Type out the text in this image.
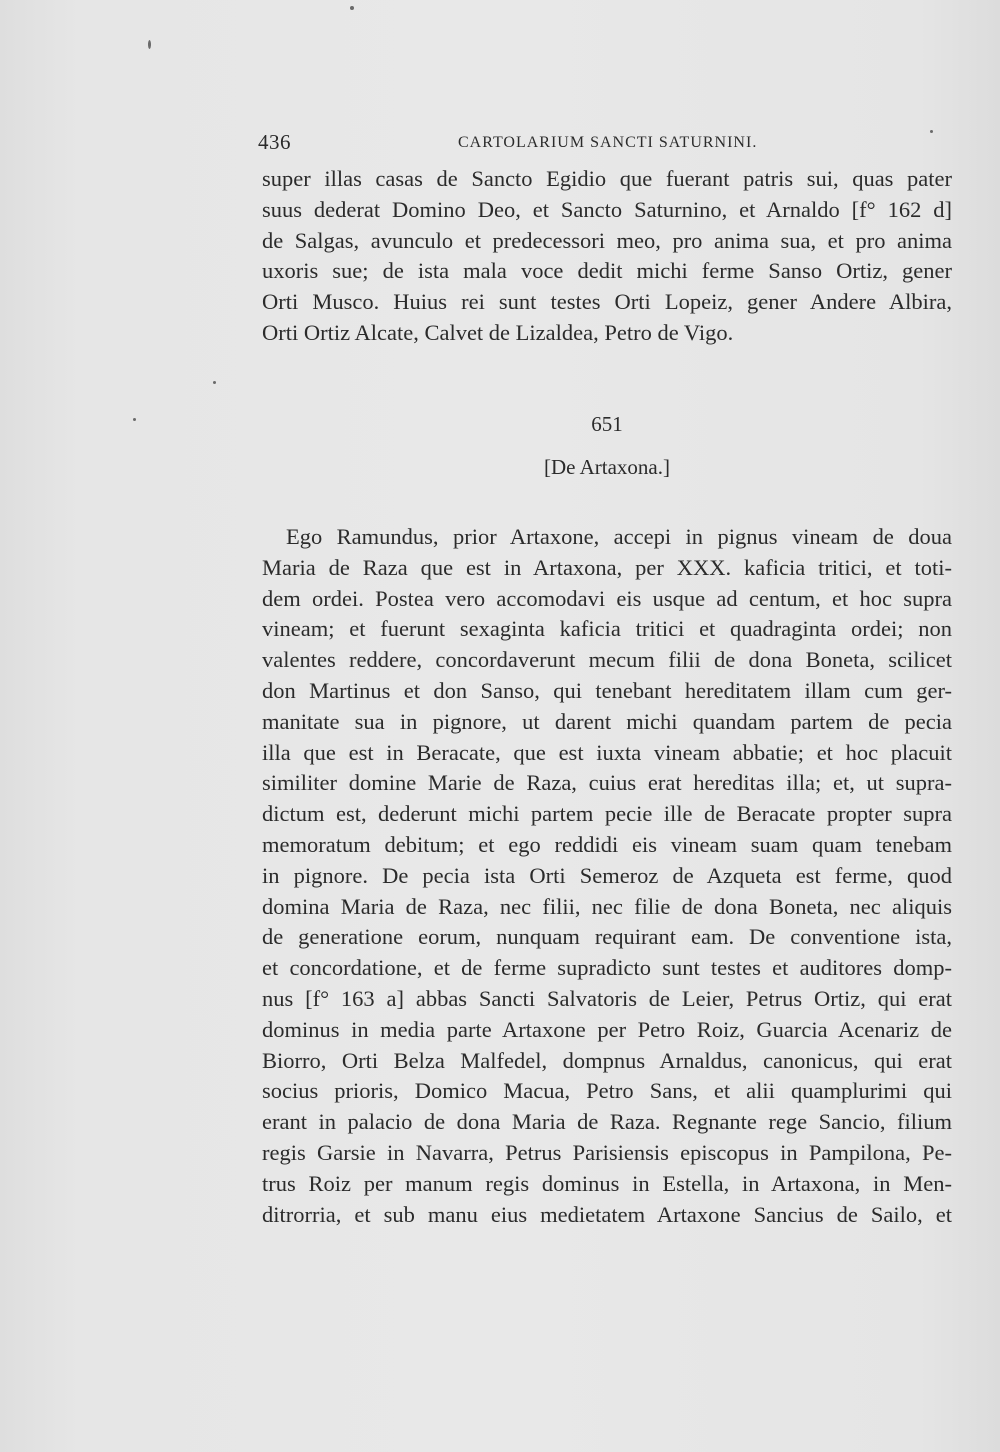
436	CARTOLARIUM SANCTI SATURNINI.
super illas casas de Sancto Egidio que fuerant patris sui, quas pater
suus dederat Domino Deo, et Sancto Saturnino, et Arnaldo [f° 162 d]
de Salgas, avunculo et predecessori meo, pro anima sua, et pro anima
uxoris sue; de ista mala voce dedit michi ferme Sanso Ortiz, gener
Orti Musco. Huius rei sunt testes Orti Lopeiz, gener Andere Albira,
Orti Ortiz Alcate, Calvet de Lizaldea, Petro de Vigo.
651
[De Artaxona.]
Ego Ramundus, prior Artaxone, accepi in pignus vineam de doua
Maria de Raza que est in Artaxona, per XXX. kaficia tritici, et toti-
dem ordei. Postea vero accomodavi eis usque ad centum, et hoc supra
vineam; et fuerunt sexaginta kaficia tritici et quadraginta ordei; non
valentes reddere, concordaverunt mecum filii de dona Boneta, scilicet
don Martinus et don Sanso, qui tenebant hereditatem illam cum ger-
manitate sua in pignore, ut darent michi quandam partem de pecia
illa que est in Beracate, que est iuxta vineam abbatie; et hoc placuit
similiter domine Marie de Raza, cuius erat hereditas illa; et, ut supra-
dictum est, dederunt michi partem pecie ille de Beracate propter supra
memoratum debitum; et ego reddidi eis vineam suam quam tenebam
in pignore. De pecia ista Orti Semeroz de Azqueta est ferme, quod
domina Maria de Raza, nec filii, nec filie de dona Boneta, nec aliquis
de generatione eorum, nunquam requirant eam. De conventione ista,
et concordatione, et de ferme supradicto sunt testes et auditores domp-
nus [f° 163 a] abbas Sancti Salvatoris de Leier, Petrus Ortiz, qui erat
dominus in media parte Artaxone per Petro Roiz, Guarcia Acenariz de
Biorro, Orti Belza Malfedel, dompnus Arnaldus, canonicus, qui erat
socius prioris, Domico Macua, Petro Sans, et alii quamplurimi qui
erant in palacio de dona Maria de Raza. Regnante rege Sancio, filium
regis Garsie in Navarra, Petrus Parisiensis episcopus in Pampilona, Pe-
trus Roiz per manum regis dominus in Estella, in Artaxona, in Men-
ditrorria, et sub manu eius medietatem Artaxone Sancius de Sailo, et
